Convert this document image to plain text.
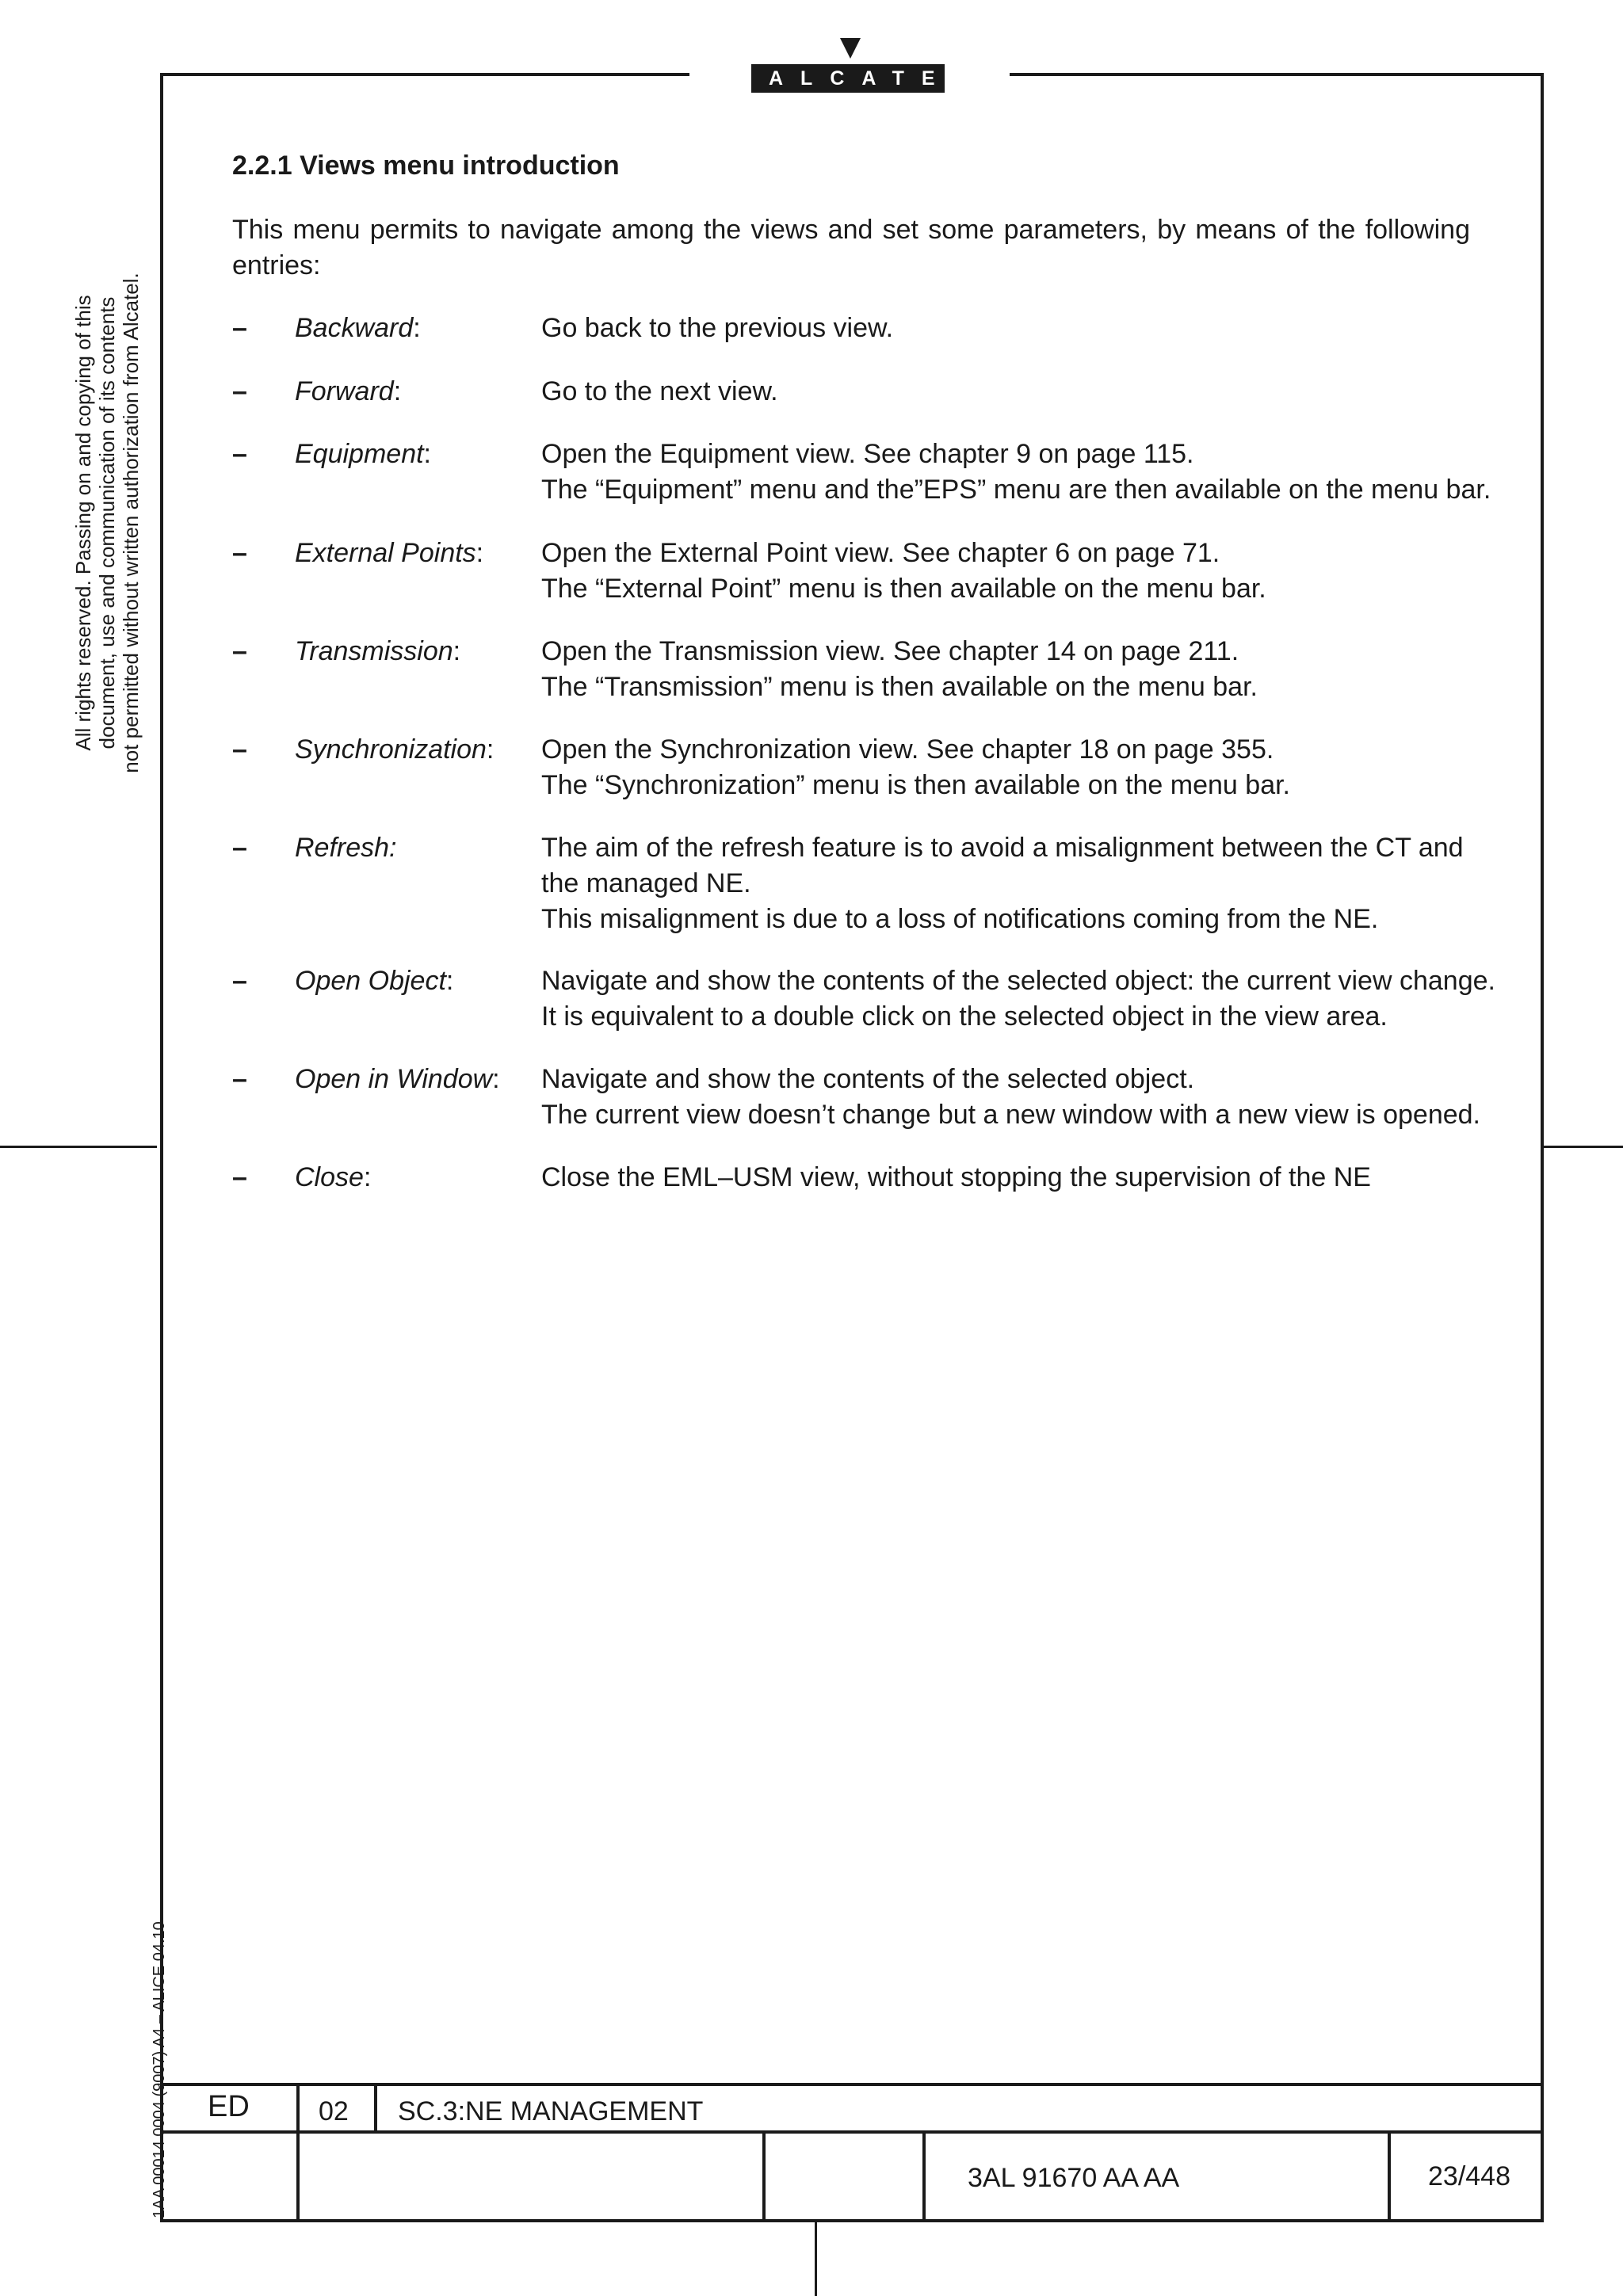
ALCATEL
All rights reserved. Passing on and copying of this document, use and communication of its contents not permitted without written authorization from Alcatel.
1AA 00014 0004 (9007) A4 – ALICE 04.10
2.2.1 Views menu introduction
This menu permits to navigate among the views and set some parameters, by means of the following entries:
– Backward:	Go back to the previous view.
– Forward:	Go to the next view.
– Equipment:	Open the Equipment view. See chapter 9 on page 115.
The “Equipment” menu and the”EPS” menu are then available on the menu bar.
– External Points: Open the External Point view. See chapter 6 on page 71.
The “External Point” menu is then available on the menu bar.
– Transmission:	Open the Transmission view. See chapter 14 on page 211.
The “Transmission” menu is then available on the menu bar.
– Synchronization: Open the Synchronization view. See chapter 18 on page 355.
The “Synchronization” menu is then available on the menu bar.
– Refresh:	The aim of the refresh feature is to avoid a misalignment between the CT and
the managed NE.
This misalignment is due to a loss of notifications coming from the NE.
– Open Object:	Navigate and show the contents of the selected object: the current view change.
It is equivalent to a double click on the selected object in the view area.
– Open in Window: Navigate and show the contents of the selected object.
The current view doesn’t change but a new window with a new view is opened.
– Close:	Close the EML–USM view, without stopping the supervision of the NE
ED	02 SC.3:NE MANAGEMENT
3AL 91670 AA AA	23/448
